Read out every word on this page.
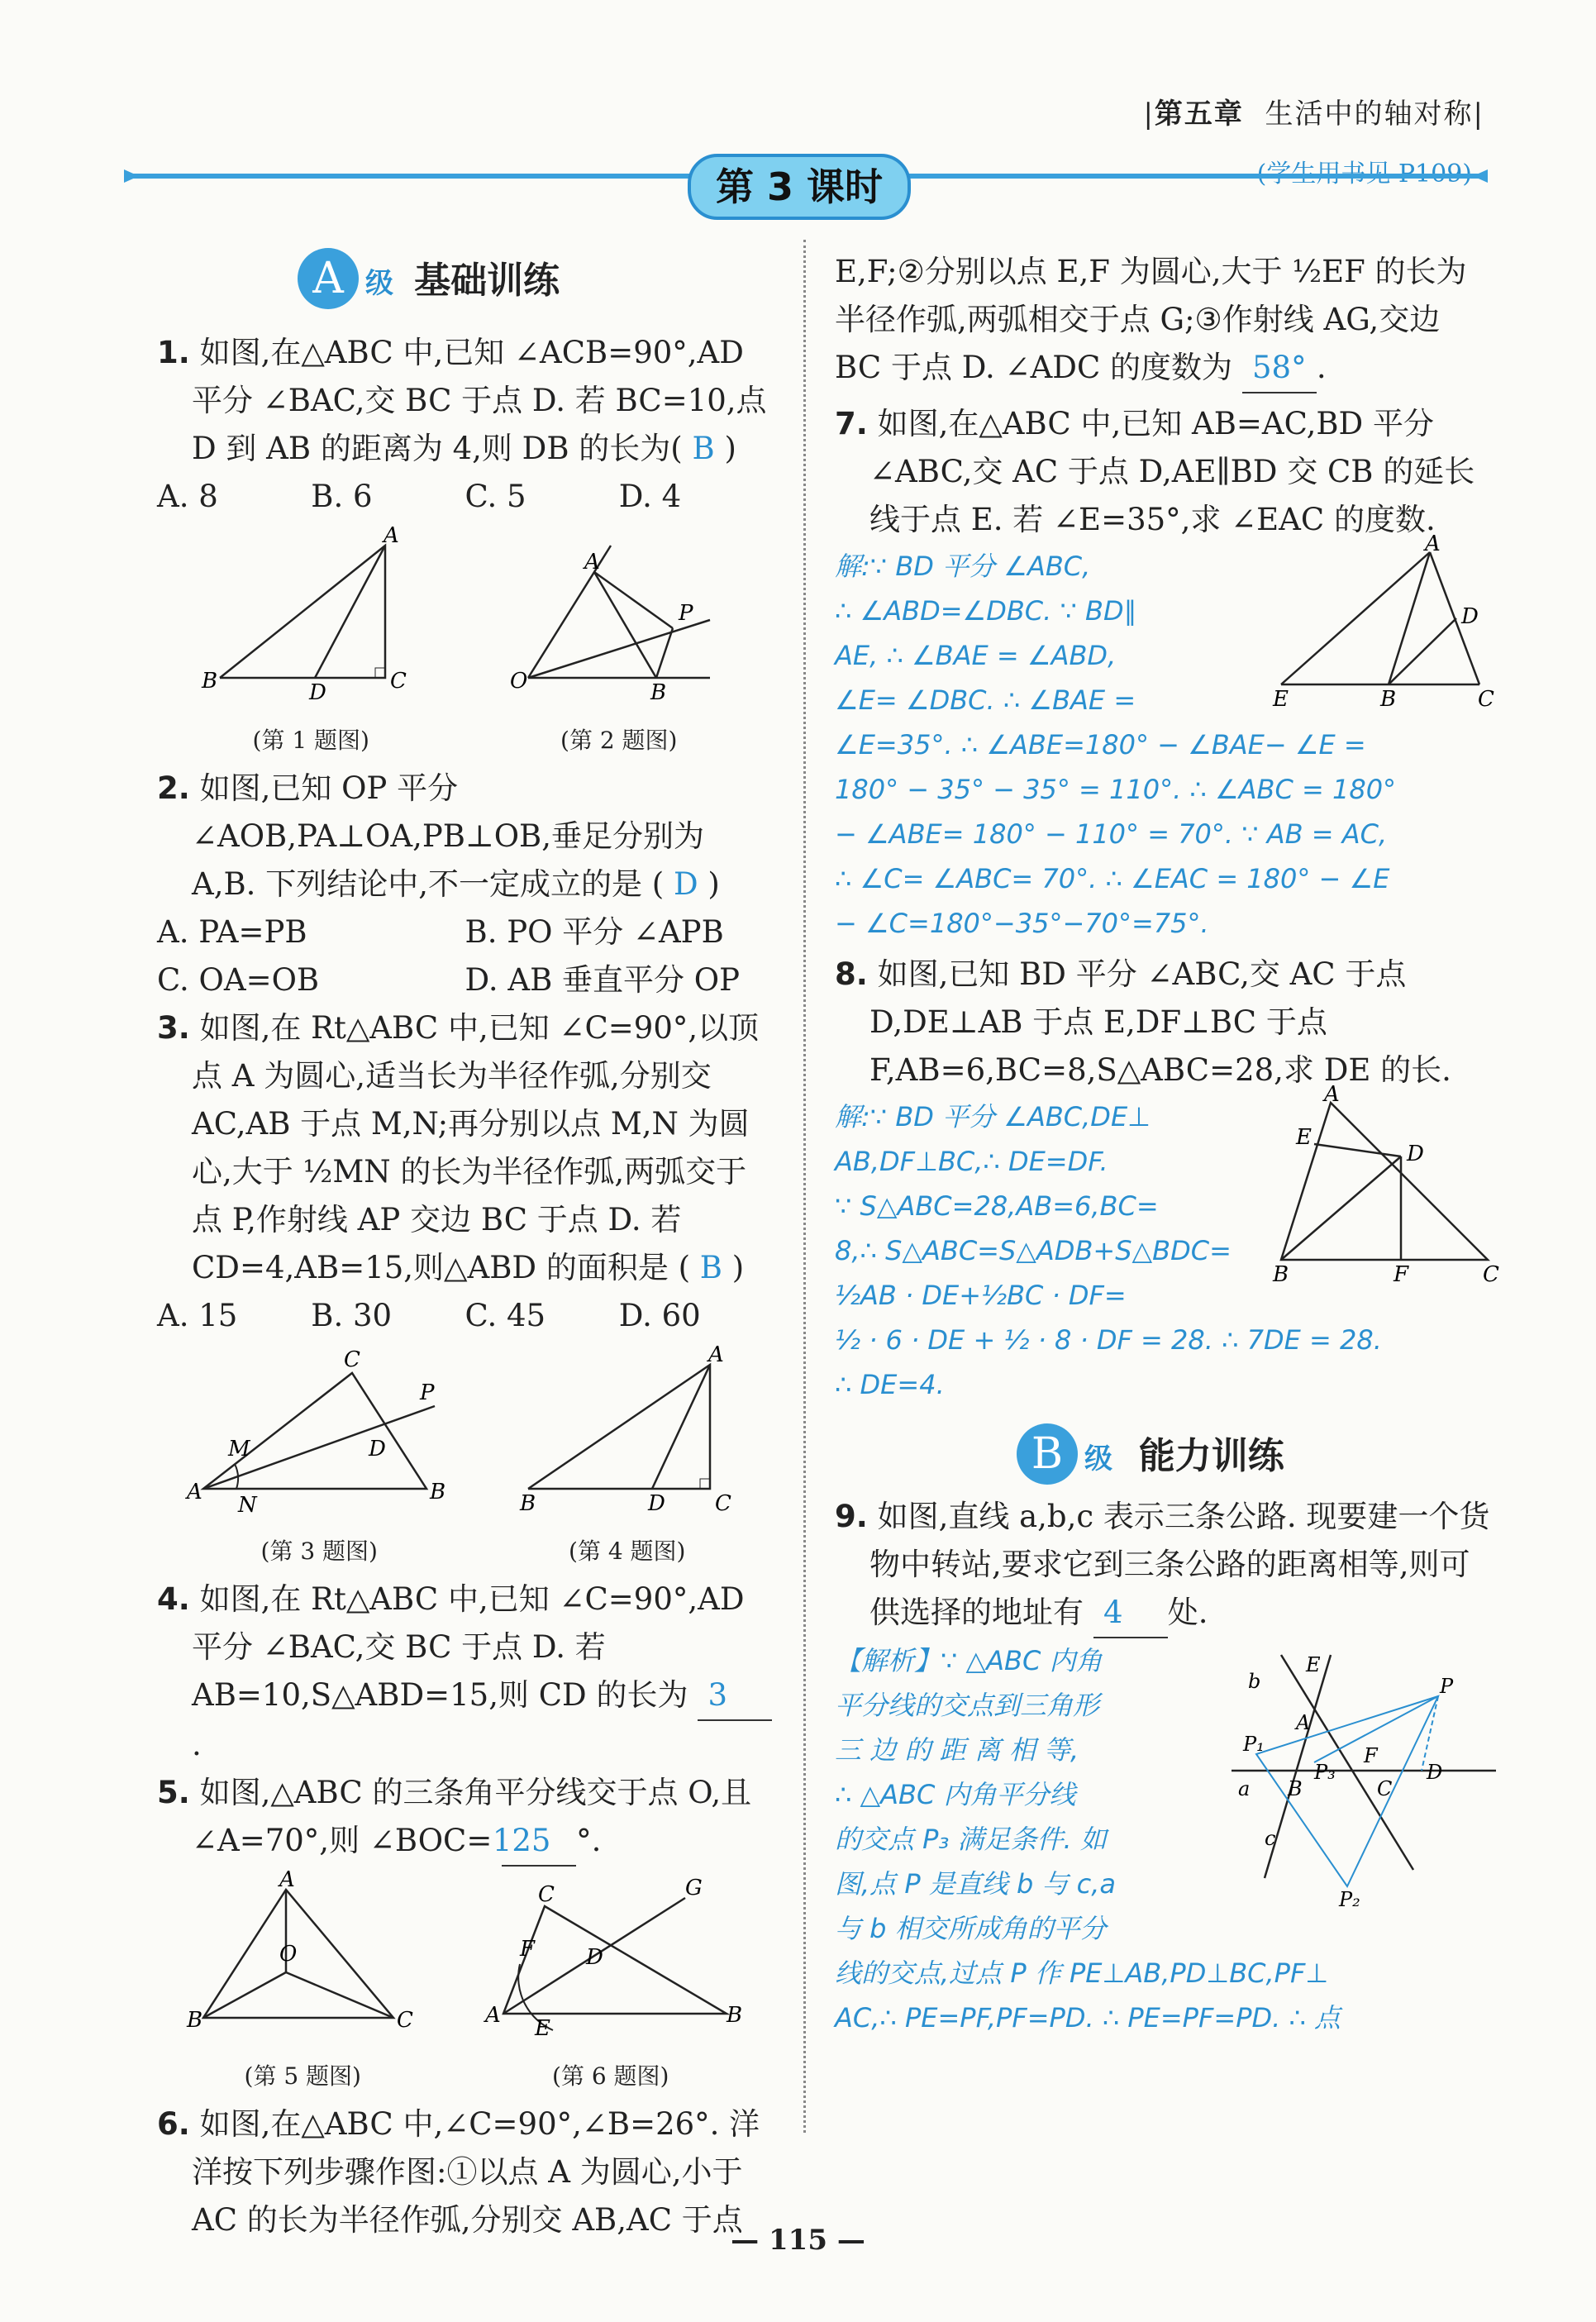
|第五章 生活中的轴对称|
第 3 课时
A 级 基础训练

1. 如图,在△ABC 中,已知 ∠ACB=90°,AD 平分 ∠BAC,交 BC 于点 D. 若 BC=10,点 D 到 AB 的距离为 4,则 DB 的长为( B )

A. 8	B. 6	C. 5	D. 4
A
B	C
D
(第 1 题图)
A
O
P
B
(第 2 题图)

2. 如图,已知 OP 平分 ∠AOB,PA⊥OA,PB⊥OB,垂足分别为 A,B. 下列结论中,不一定成立的是 ( D )

A. PA=PB	B. PO 平分 ∠APB
C. OA=OB	D. AB 垂直平分 OP

3. 如图,在 Rt△ABC 中,已知 ∠C=90°,以顶点 A 为圆心,适当长为半径作弧,分别交 AC,AB 于点 M,N;再分别以点 M,N 为圆心,大于 ½MN 的长为半径作弧,两弧交于点 P,作射线 AP 交边 BC 于点 D. 若 CD=4,AB=15,则△ABD 的面积是 ( B )

A. 15	B. 30	C. 45	D. 60
C
A	B
M
N
D
P
(第 3 题图)
A
B	C
D
(第 4 题图)

4. 如图,在 Rt△ABC 中,已知 ∠C=90°,AD 平分 ∠BAC,交 BC 于点 D. 若 AB=10,S△ABD=15,则 CD 的长为 3.

5. 如图,△ABC 的三条角平分线交于点 O,且 ∠A=70°,则 ∠BOC= 125 °.

A
B	C
O
(第 5 题图)
C
A	B
F
E
D
G
(第 6 题图)

6. 如图,在△ABC 中,∠C=90°,∠B=26°. 洋洋按下列步骤作图:①以点 A 为圆心,小于 AC 的长为半径作弧,分别交 AB,AC 于点

E,F;②分别以点 E,F 为圆心,大于 ½EF 的长为半径作弧,两弧相交于点 G;③作射线 AG,交边 BC 于点 D. ∠ADC 的度数为 58° .

7. 如图,在△ABC 中,已知 AB=AC,BD 平分 ∠ABC,交 AC 于点 D,AE∥BD 交 CB 的延长线于点 E. 若 ∠E=35°,求 ∠EAC 的度数.

A
E	B	C
D
解:∵ BD 平分 ∠ABC,
∴ ∠ABD=∠DBC. ∵ BD∥
AE, ∴ ∠BAE = ∠ABD,
∠E= ∠DBC. ∴ ∠BAE =
∠E=35°. ∴ ∠ABE=180° − ∠BAE− ∠E =
180° − 35° − 35° = 110°. ∴ ∠ABC = 180°
− ∠ABE= 180° − 110° = 70°. ∵ AB = AC,
∴ ∠C= ∠ABC= 70°. ∴ ∠EAC = 180° − ∠E
− ∠C=180°−35°−70°=75°.

8. 如图,已知 BD 平分 ∠ABC,交 AC 于点 D,DE⊥AB 于点 E,DF⊥BC 于点 F,AB=6,BC=8,S△ABC=28,求 DE 的长.

A
E
D
B	F	C
解:∵ BD 平分 ∠ABC,DE⊥
AB,DF⊥BC,∴ DE=DF.
∵ S△ABC=28,AB=6,BC=
8,∴ S△ABC=S△ADB+S△BDC=
½AB · DE+½BC · DF=
½ · 6 · DE + ½ · 8 · DF = 28. ∴ 7DE = 28.
∴ DE=4.
B 级 能力训练

9. 如图,直线 a,b,c 表示三条公路. 现要建一个货物中转站,要求它到三条公路的距离相等,则可供选择的地址有 4 处.

b
E
A
P
P₁	F
D
P₃
C
B
a
c
P₂
【解析】∵ △ABC 内角
平分线的交点到三角形
三 边 的 距 离 相 等,
∴ △ABC 内角平分线
的交点 P₃ 满足条件. 如
图,点 P 是直线 b 与 c,a
与 b 相交所成角的平分
线的交点,过点 P 作 PE⊥AB,PD⊥BC,PF⊥
AC,∴ PE=PF,PF=PD. ∴ PE=PF=PD. ∴ 点
— 115 —
